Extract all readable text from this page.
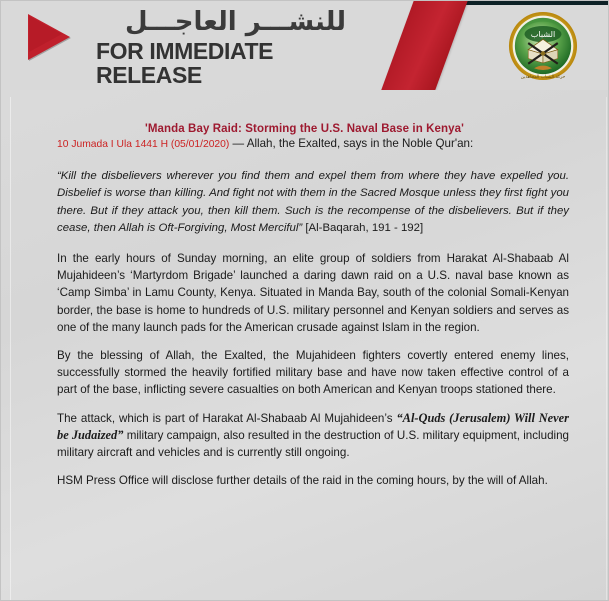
للنشـــر العاجـــل
FOR IMMEDIATE RELEASE
الشباب
حركة الشباب المجاهدين
'Manda Bay Raid: Storming the U.S. Naval Base in Kenya'

10 Jumada I Ula 1441 H (05/01/2020) — Allah, the Exalted, says in the Noble Qur'an:

“Kill the disbelievers wherever you find them and expel them from where they have expelled you. Disbelief is worse than killing. And fight not with them in the Sacred Mosque unless they first fight you there. But if they attack you, then kill them. Such is the recompense of the disbelievers. But if they cease, then Allah is Oft-Forgiving, Most Merciful” [Al-Baqarah, 191 - 192]

In the early hours of Sunday morning, an elite group of soldiers from Harakat Al-Shabaab Al Mujahideen’s ‘Martyrdom Brigade’ launched a daring dawn raid on a U.S. naval base known as ‘Camp Simba’ in Lamu County, Kenya. Situated in Manda Bay, south of the colonial Somali-Kenyan border, the base is home to hundreds of U.S. military personnel and Kenyan soldiers and serves as one of the many launch pads for the American crusade against Islam in the region.

By the blessing of Allah, the Exalted, the Mujahideen fighters covertly entered enemy lines, successfully stormed the heavily fortified military base and have now taken effective control of a part of the base, inflicting severe casualties on both American and Kenyan troops stationed there.

The attack, which is part of Harakat Al-Shabaab Al Mujahideen’s “Al-Quds (Jerusalem) Will Never be Judaized” military campaign, also resulted in the destruction of U.S. military equipment, including military aircraft and vehicles and is currently still ongoing.

HSM Press Office will disclose further details of the raid in the coming hours, by the will of Allah.
